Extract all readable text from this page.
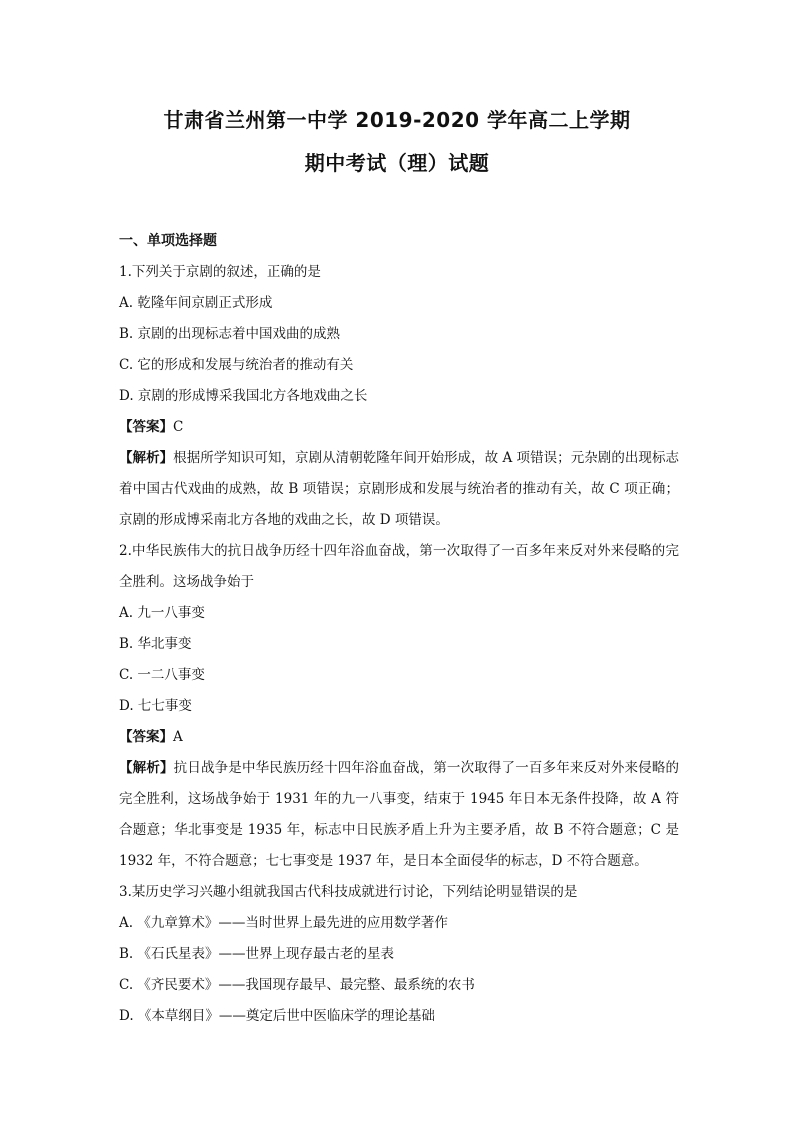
甘肃省兰州第一中学 2019-2020 学年高二上学期
期中考试（理）试题
一、单项选择题
1.下列关于京剧的叙述，正确的是
A. 乾隆年间京剧正式形成
B. 京剧的出现标志着中国戏曲的成熟
C. 它的形成和发展与统治者的推动有关
D. 京剧的形成博采我国北方各地戏曲之长
【答案】C
【解析】根据所学知识可知，京剧从清朝乾隆年间开始形成，故 A 项错误；元杂剧的出现标志着中国古代戏曲的成熟，故 B 项错误；京剧形成和发展与统治者的推动有关，故 C 项正确；京剧的形成博采南北方各地的戏曲之长，故 D 项错误。
2.中华民族伟大的抗日战争历经十四年浴血奋战，第一次取得了一百多年来反对外来侵略的完全胜利。这场战争始于
A. 九一八事变
B. 华北事变
C. 一二八事变
D. 七七事变
【答案】A
【解析】抗日战争是中华民族历经十四年浴血奋战，第一次取得了一百多年来反对外来侵略的完全胜利，这场战争始于 1931 年的九一八事变，结束于 1945 年日本无条件投降，故 A 符合题意；华北事变是 1935 年，标志中日民族矛盾上升为主要矛盾，故 B 不符合题意；C 是 1932 年，不符合题意；七七事变是 1937 年，是日本全面侵华的标志，D 不符合题意。
3.某历史学习兴趣小组就我国古代科技成就进行讨论，下列结论明显错误的是
A. 《九章算术》——当时世界上最先进的应用数学著作
B. 《石氏星表》——世界上现存最古老的星表
C. 《齐民要术》——我国现存最早、最完整、最系统的农书
D. 《本草纲目》——奠定后世中医临床学的理论基础
